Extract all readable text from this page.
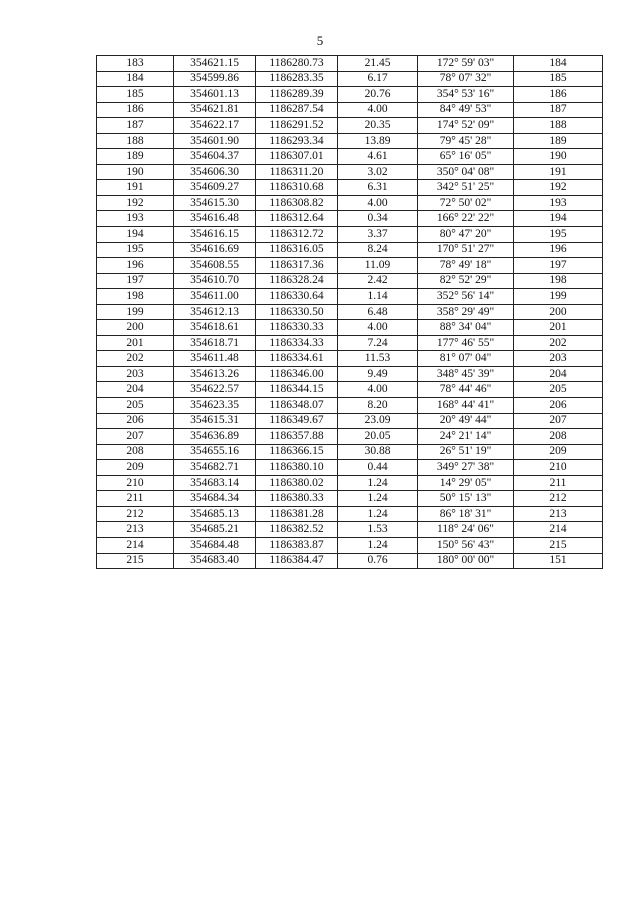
5
183	354621.15	1186280.73	21.45	172° 59' 03"	184
184	354599.86	1186283.35	6.17	78° 07' 32"	185
185	354601.13	1186289.39	20.76	354° 53' 16"	186
186	354621.81	1186287.54	4.00	84° 49' 53"	187
187	354622.17	1186291.52	20.35	174° 52' 09"	188
188	354601.90	1186293.34	13.89	79° 45' 28"	189
189	354604.37	1186307.01	4.61	65° 16' 05"	190
190	354606.30	1186311.20	3.02	350° 04' 08"	191
191	354609.27	1186310.68	6.31	342° 51' 25"	192
192	354615.30	1186308.82	4.00	72° 50' 02"	193
193	354616.48	1186312.64	0.34	166° 22' 22"	194
194	354616.15	1186312.72	3.37	80° 47' 20"	195
195	354616.69	1186316.05	8.24	170° 51' 27"	196
196	354608.55	1186317.36	11.09	78° 49' 18"	197
197	354610.70	1186328.24	2.42	82° 52' 29"	198
198	354611.00	1186330.64	1.14	352° 56' 14"	199
199	354612.13	1186330.50	6.48	358° 29' 49"	200
200	354618.61	1186330.33	4.00	88° 34' 04"	201
201	354618.71	1186334.33	7.24	177° 46' 55"	202
202	354611.48	1186334.61	11.53	81° 07' 04"	203
203	354613.26	1186346.00	9.49	348° 45' 39"	204
204	354622.57	1186344.15	4.00	78° 44' 46"	205
205	354623.35	1186348.07	8.20	168° 44' 41"	206
206	354615.31	1186349.67	23.09	20° 49' 44"	207
207	354636.89	1186357.88	20.05	24° 21' 14"	208
208	354655.16	1186366.15	30.88	26° 51' 19"	209
209	354682.71	1186380.10	0.44	349° 27' 38"	210
210	354683.14	1186380.02	1.24	14° 29' 05"	211
211	354684.34	1186380.33	1.24	50° 15' 13"	212
212	354685.13	1186381.28	1.24	86° 18' 31"	213
213	354685.21	1186382.52	1.53	118° 24' 06"	214
214	354684.48	1186383.87	1.24	150° 56' 43"	215
215	354683.40	1186384.47	0.76	180° 00' 00"	151
